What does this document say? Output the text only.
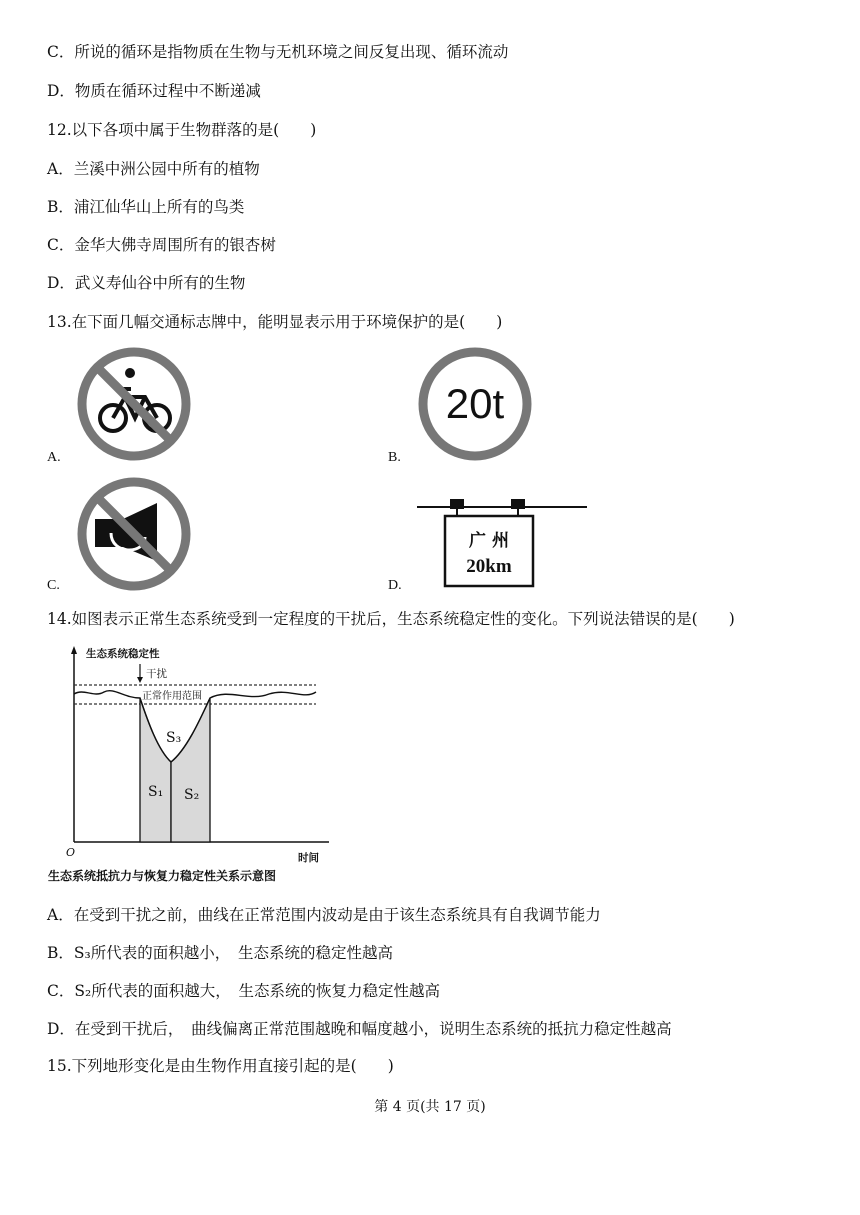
C．所说的循环是指物质在生物与无机环境之间反复出现、循环流动
D．物质在循环过程中不断递减
12.以下各项中属于生物群落的是(　　)
A．兰溪中洲公园中所有的植物
B．浦江仙华山上所有的鸟类
C．金华大佛寺周围所有的银杏树
D．武义寿仙谷中所有的生物
13.在下面几幅交通标志牌中，能明显表示用于环境保护的是(　　)
A.
20t
B.
C.
广 州
20km
D.
14.如图表示正常生态系统受到一定程度的干扰后，生态系统稳定性的变化。下列说法错误的是(　　)
生态系统稳定性
干扰
正常作用范围
S₃
S₁ S₂
O	时间
生态系统抵抗力与恢复力稳定性关系示意图
A．在受到干扰之前，曲线在正常范围内波动是由于该生态系统具有自我调节能力
B．S₃所代表的面积越小，　生态系统的稳定性越高
C．S₂所代表的面积越大，　生态系统的恢复力稳定性越高
D．在受到干扰后，　曲线偏离正常范围越晚和幅度越小，说明生态系统的抵抗力稳定性越高
15.下列地形变化是由生物作用直接引起的是(　　)
第 4 页(共 17 页)
